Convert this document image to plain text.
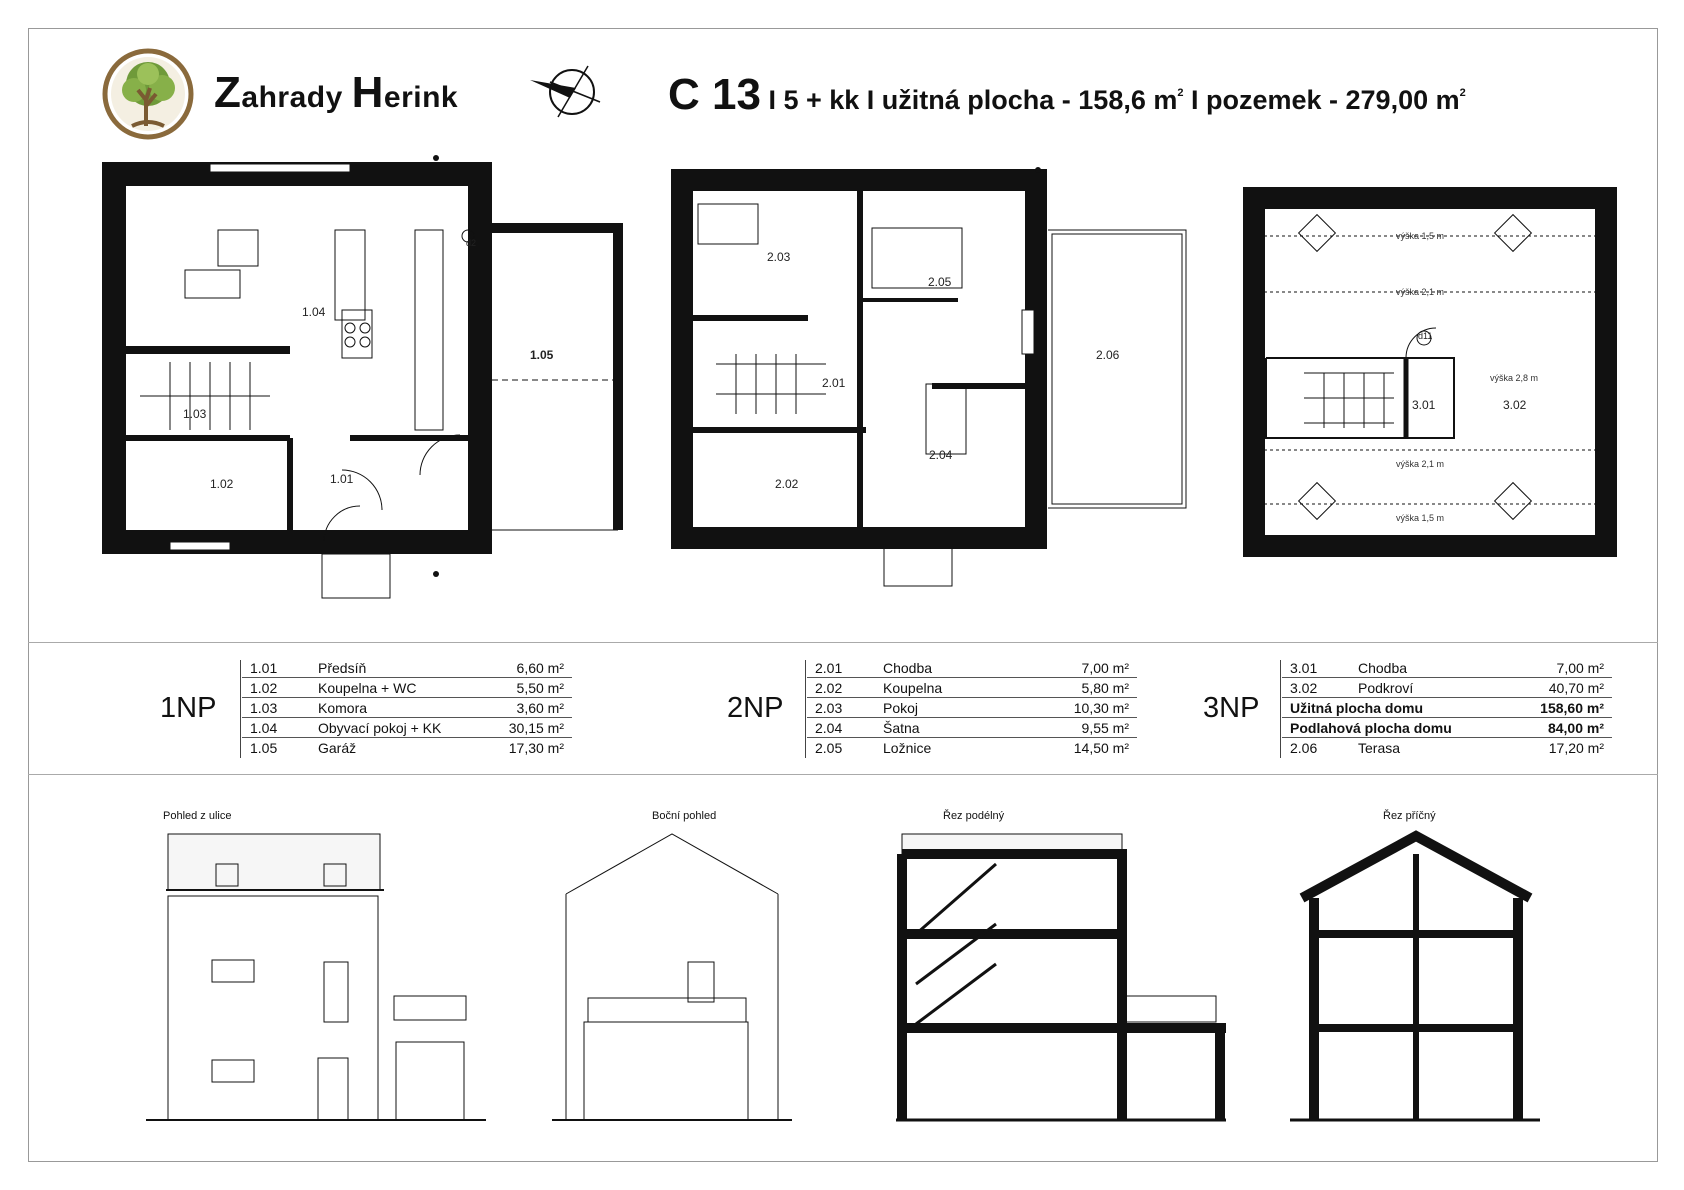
Zahrady Herink	C 13 I 5 + kk I užitná plocha - 158,6 $m^2$ I pozemek - 279,00 $m^2$
1.04
1.05
1.03
1.02	1.01
d2
2.03
2.05
2.06
2.01
2.04
2.02
výška 1,5 m
výška 2,1 m
výška 2,8 m
výška 2,1 m
výška 1,5 m
3.01	3.02
d11
1NP
1.01	Předsíň	6,60 m²
1.02	Koupelna + WC	5,50 m²
1.03	Komora	3,60 m²
1.04	Obyvací pokoj + KK	30,15 m²
1.05	Garáž	17,30 m²
2NP
2.01	Chodba	7,00 m²
2.02	Koupelna	5,80 m²
2.03	Pokoj	10,30 m²
2.04	Šatna	9,55 m²
2.05	Ložnice	14,50 m²
3NP
3.01	Chodba	7,00 m²
3.02	Podkroví	40,70 m²
Užitná plocha domu		158,60 m²
Podlahová plocha domu		84,00 m²
2.06	Terasa	17,20 m²
Pohled z ulice	Boční pohled	Řez podélný	Řez příčný
